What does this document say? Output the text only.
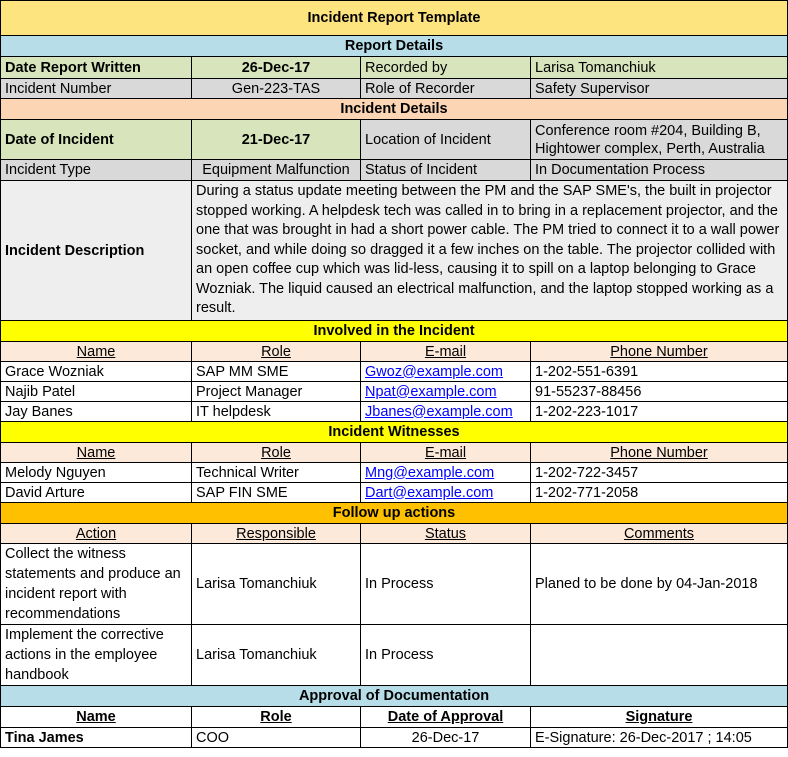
Incident Report Template			
Report Details			
Date Report Written	26-Dec-17	Recorded by	Larisa Tomanchiuk
Incident Number	Gen-223-TAS	Role of Recorder	Safety Supervisor
Incident Details			
Date of Incident	21-Dec-17	Location of Incident	Conference room #204, Building B, Hightower complex, Perth, Australia
Incident Type	Equipment Malfunction	Status of Incident	In Documentation Process
Incident Description	During a status update meeting between the PM and the SAP SME's, the built in projector stopped working. A helpdesk tech was called in to bring in a replacement projector, and the one that was brought in had a short power cable. The PM tried to connect it to a wall power socket, and while doing so dragged it a few inches on the table. The projector collided with an open coffee cup which was lid-less, causing it to spill on a laptop belonging to Grace Wozniak. The liquid caused an electrical malfunction, and the laptop stopped working as a result.		
Involved in the Incident			
Name	Role	E-mail	Phone Number
Grace Wozniak	SAP MM SME	Gwoz@example.com	1-202-551-6391
Najib Patel	Project Manager	Npat@example.com	91-55237-88456
Jay Banes	IT helpdesk	Jbanes@example.com	1-202-223-1017
Incident Witnesses			
Name	Role	E-mail	Phone Number
Melody Nguyen	Technical Writer	Mng@example.com	1-202-722-3457
David Arture	SAP FIN SME	Dart@example.com	1-202-771-2058
Follow up actions			
Action	Responsible	Status	Comments
Collect the witness statements and produce an incident report with recommendations	Larisa Tomanchiuk	In Process	Planed to be done by 04-Jan-2018
Implement the corrective actions in the employee handbook	Larisa Tomanchiuk	In Process	
Approval of Documentation			
Name	Role	Date of Approval	Signature
Tina James	COO	26-Dec-17	E-Signature: 26-Dec-2017 ; 14:05
